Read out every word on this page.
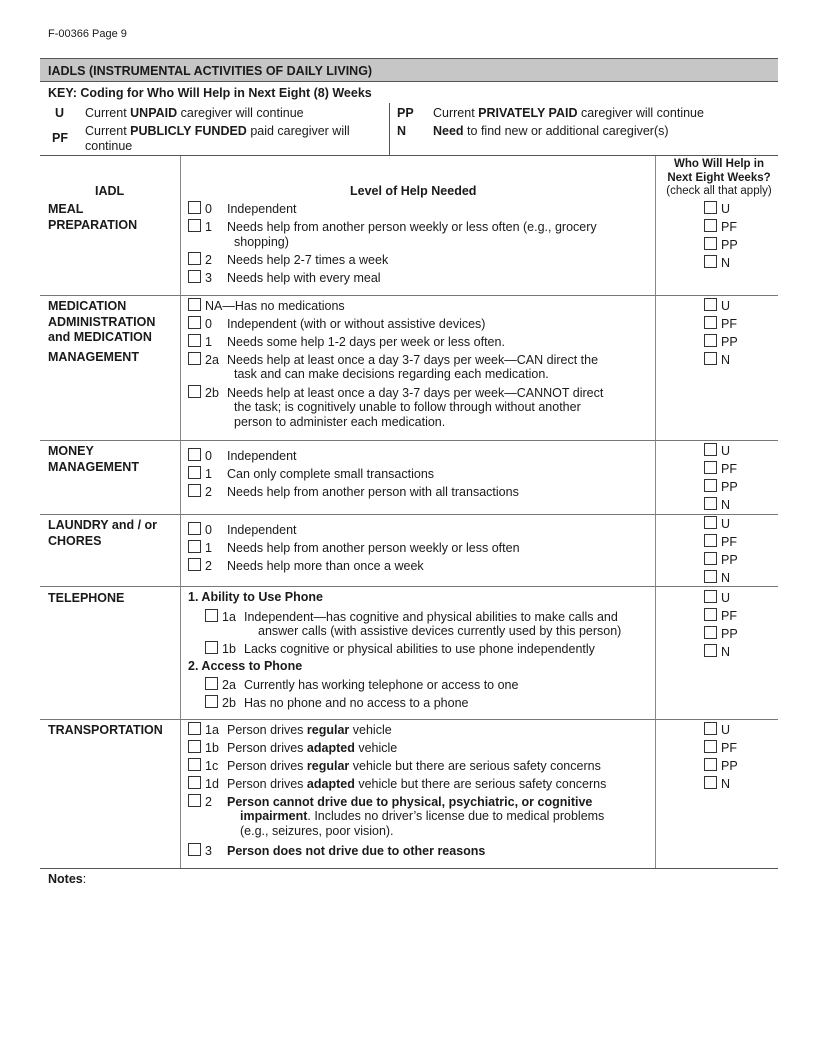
F-00366 Page 9
IADLS (INSTRUMENTAL ACTIVITIES OF DAILY LIVING)
KEY: Coding for Who Will Help in Next Eight (8) Weeks
U Current UNPAID caregiver will continue
PF Current PUBLICLY FUNDED paid caregiver will continue
PP Current PRIVATELY PAID caregiver will continue
N Need to find new or additional caregiver(s)
IADL	Level of Help Needed
Who Will Help in
Next Eight Weeks?
(check all that apply)
MEAL
PREPARATION
0 Independent
1 Needs help from another person weekly or less often (e.g., grocery
shopping)
2 Needs help 2-7 times a week
3 Needs help with every meal
U
PF
PP
N
MEDICATION
ADMINISTRATION
and MEDICATION
MANAGEMENT
NA—Has no medications
0 Independent (with or without assistive devices)
1 Needs some help 1-2 days per week or less often.
2a Needs help at least once a day 3-7 days per week—CAN direct the
task and can make decisions regarding each medication.
2b Needs help at least once a day 3-7 days per week—CANNOT direct
the task; is cognitively unable to follow through without another
person to administer each medication.
U
PF
PP
N
MONEY
MANAGEMENT
0 Independent
1 Can only complete small transactions
2 Needs help from another person with all transactions
U
PF
PP
N
LAUNDRY and / or
CHORES
0 Independent
1 Needs help from another person weekly or less often
2 Needs help more than once a week
U
PF
PP
N
TELEPHONE	1. Ability to Use Phone
1a Independent—has cognitive and physical abilities to make calls and
answer calls (with assistive devices currently used by this person)
1b Lacks cognitive or physical abilities to use phone independently
2. Access to Phone
2a Currently has working telephone or access to one
2b Has no phone and no access to a phone
U
PF
PP
N
TRANSPORTATION	1a Person drives regular vehicle
1b Person drives adapted vehicle
1c Person drives regular vehicle but there are serious safety concerns
1d Person drives adapted vehicle but there are serious safety concerns
2 Person cannot drive due to physical, psychiatric, or cognitive
impairment. Includes no driver’s license due to medical problems
(e.g., seizures, poor vision).
3 Person does not drive due to other reasons
U
PF
PP
N
Notes:
